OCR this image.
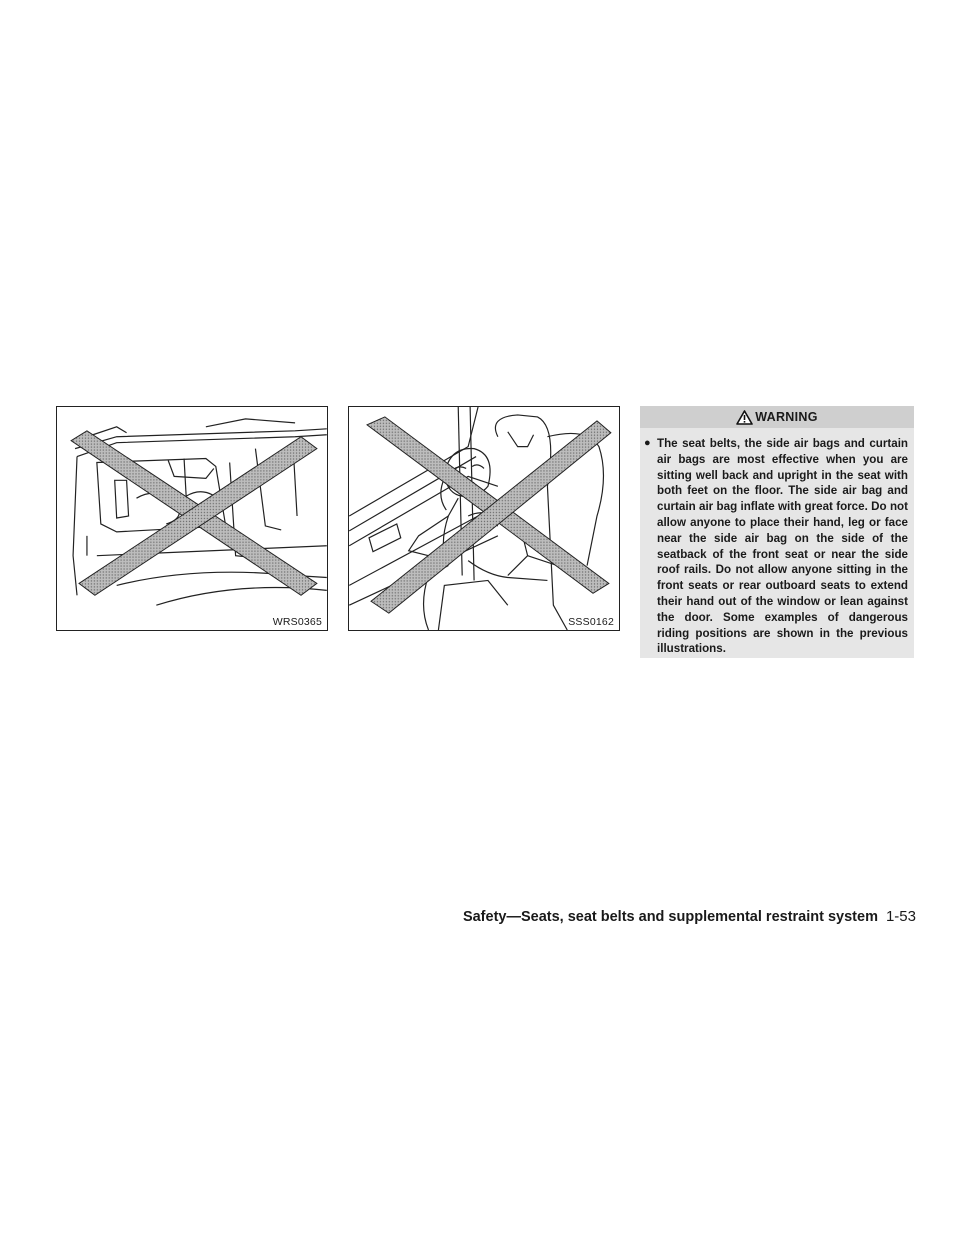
WRS0365	SSS0162
WARNING
● The seat belts, the side air bags and curtain air bags are most effective when you are sitting well back and upright in the seat with both feet on the floor. The side air bag and curtain air bag inflate with great force. Do not allow anyone to place their hand, leg or face near the side air bag on the side of the seatback of the front seat or near the side roof rails. Do not allow anyone sitting in the front seats or rear outboard seats to extend their hand out of the window or lean against the door. Some examples of dangerous riding positions are shown in the previous illustrations.
Safety—Seats, seat belts and supplemental restraint system 1-53
